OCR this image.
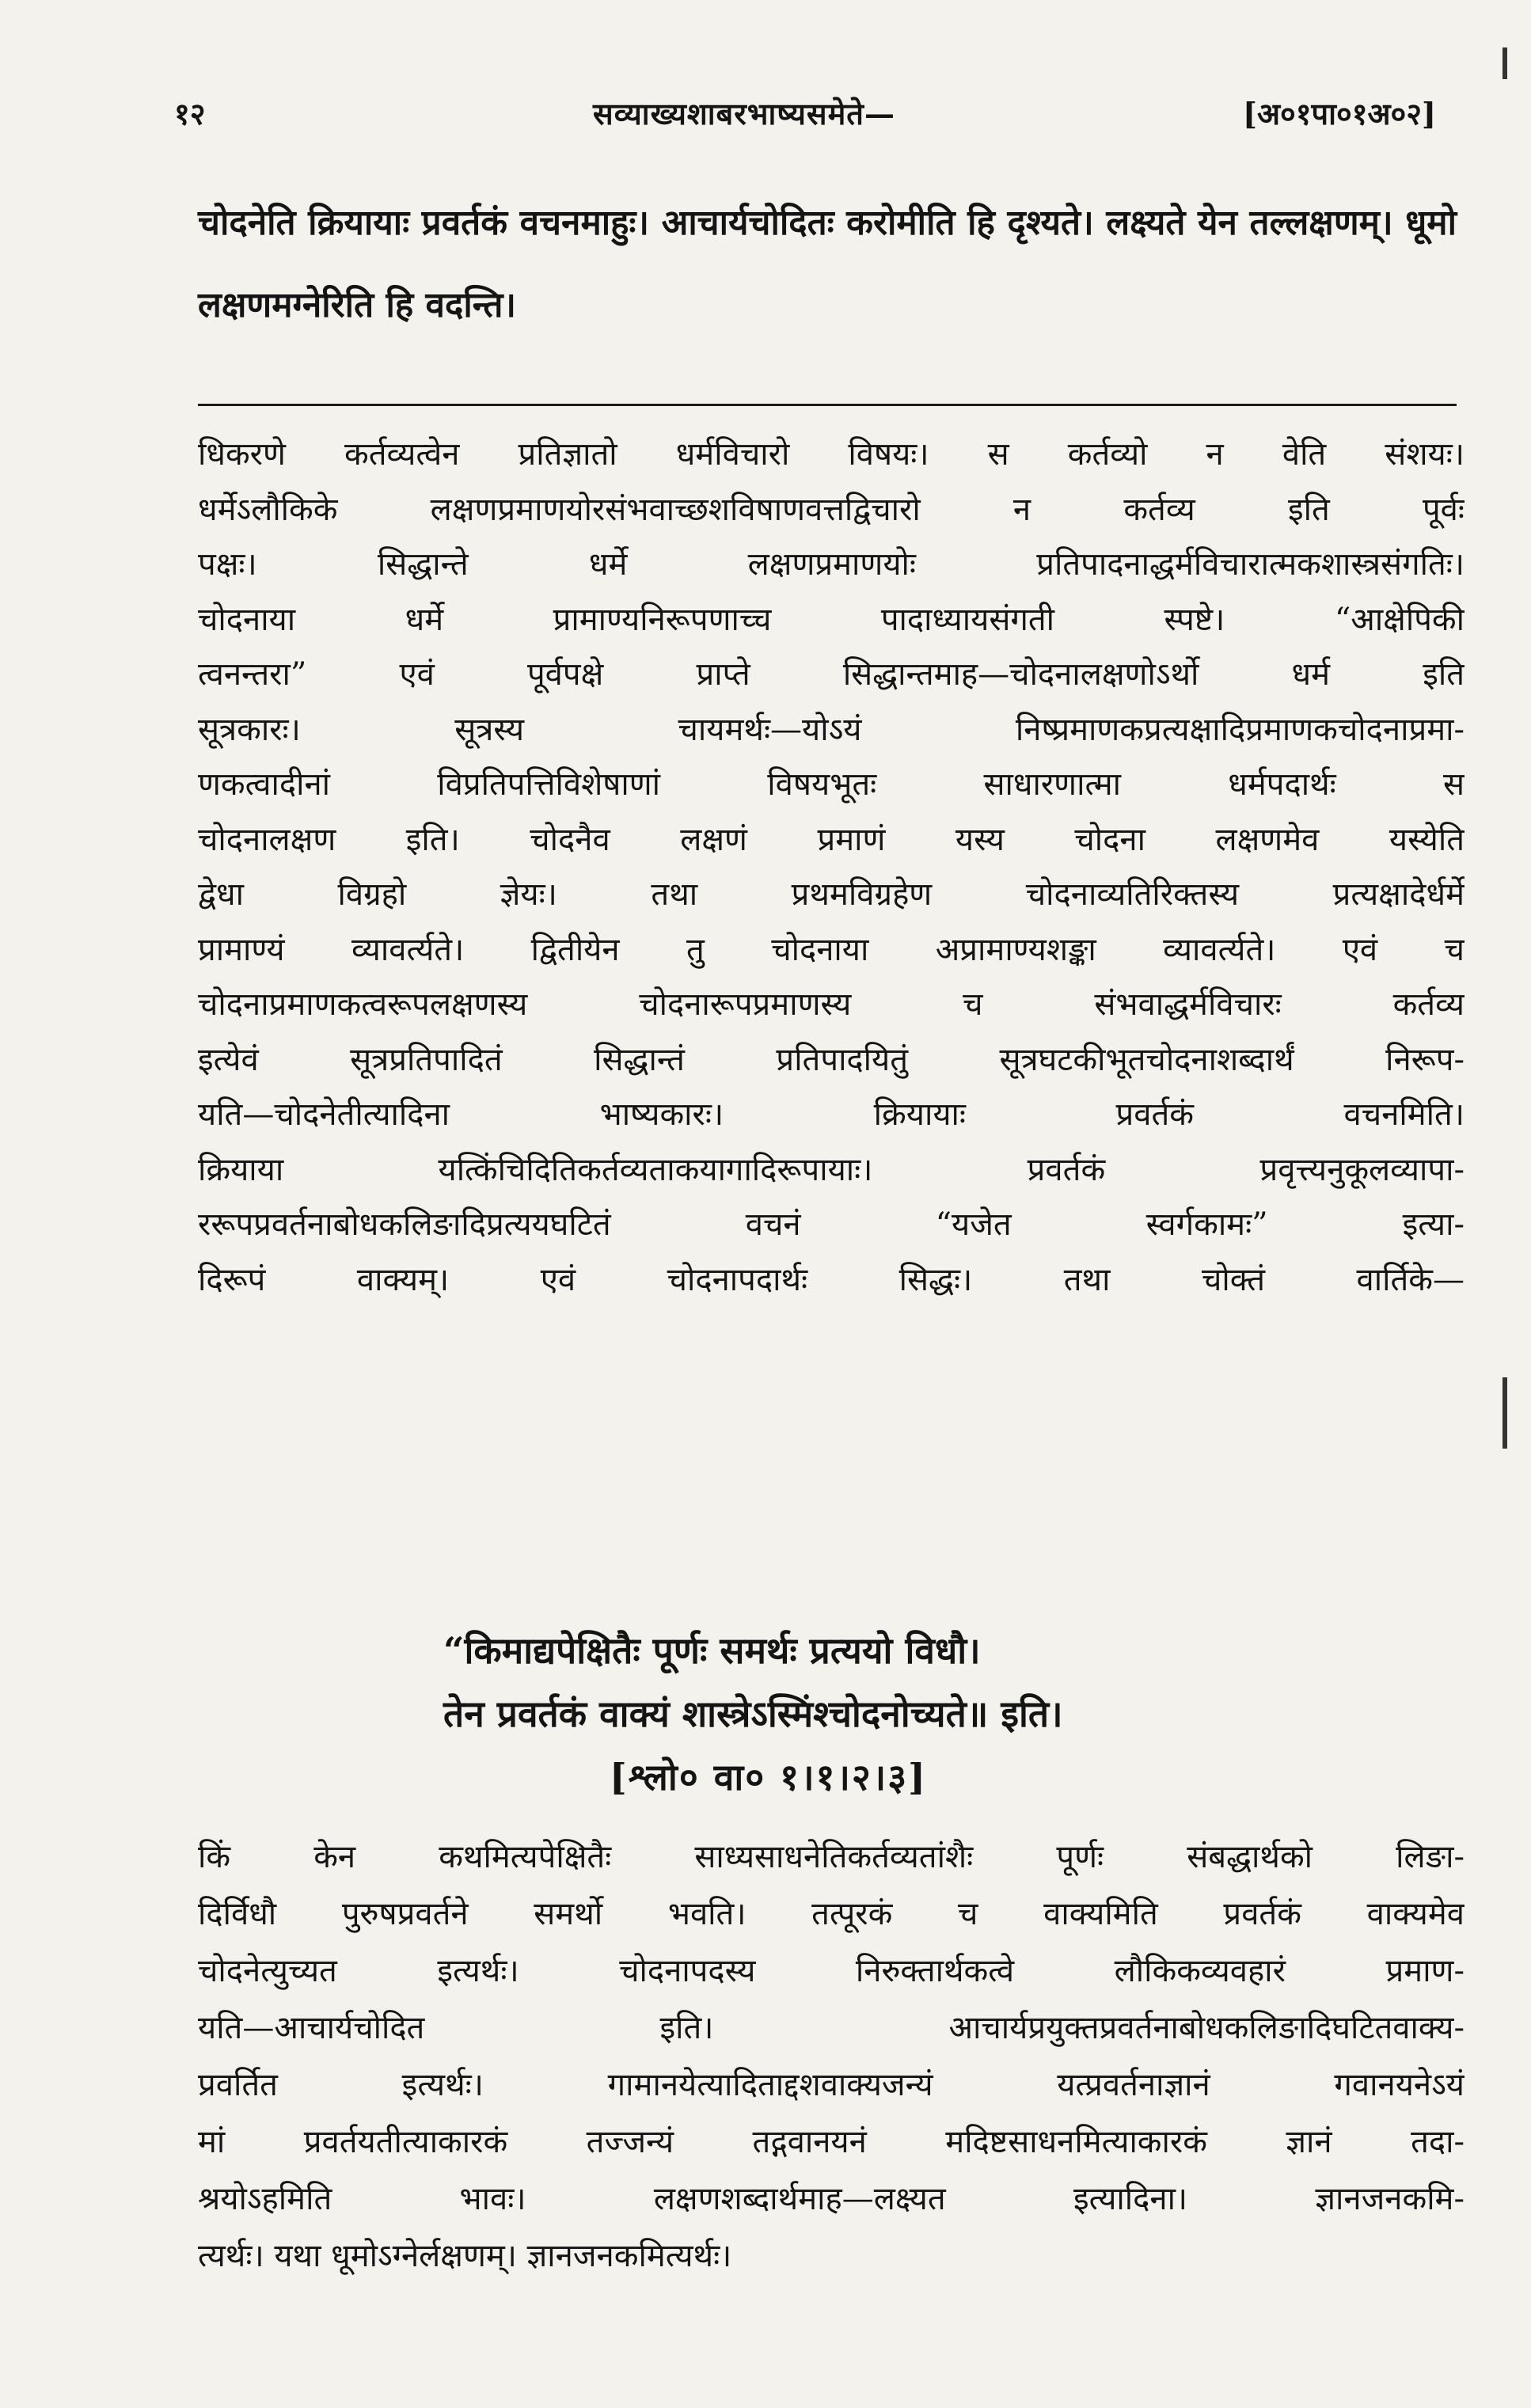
१२	सव्याख्यशाबरभाष्यसमेते—	[अ०१पा०१अ०२]
चोदनेति क्रियायाः प्रवर्तकं वचनमाहुः। आचार्यचोदितः करोमीति हि दृश्यते। लक्ष्यते येन तल्लक्षणम्। धूमो लक्षणमग्नेरिति हि वदन्ति।
धिकरणे कर्तव्यत्वेन प्रतिज्ञातो धर्मविचारो विषयः। स कर्तव्यो न वेति संशयः।
धर्मेऽलौकिके लक्षणप्रमाणयोरसंभवाच्छशविषाणवत्तद्विचारो न कर्तव्य इति पूर्वः
पक्षः। सिद्धान्ते धर्मे लक्षणप्रमाणयोः प्रतिपादनाद्धर्मविचारात्मकशास्त्रसंगतिः।
चोदनाया धर्मे प्रामाण्यनिरूपणाच्च पादाध्यायसंगती स्पष्टे। “आक्षेपिकी
त्वनन्तरा” एवं पूर्वपक्षे प्राप्ते सिद्धान्तमाह—चोदनालक्षणोऽर्थो धर्म इति
सूत्रकारः। सूत्रस्य चायमर्थः—योऽयं निष्प्रमाणकप्रत्यक्षादिप्रमाणकचोदनाप्रमा-
णकत्वादीनां विप्रतिपत्तिविशेषाणां विषयभूतः साधारणात्मा धर्मपदार्थः स
चोदनालक्षण इति। चोदनैव लक्षणं प्रमाणं यस्य चोदना लक्षणमेव यस्येति
द्वेधा विग्रहो ज्ञेयः। तथा प्रथमविग्रहेण चोदनाव्यतिरिक्तस्य प्रत्यक्षादेर्धर्मे
प्रामाण्यं व्यावर्त्यते। द्वितीयेन तु चोदनाया अप्रामाण्यशङ्का व्यावर्त्यते। एवं च
चोदनाप्रमाणकत्वरूपलक्षणस्य चोदनारूपप्रमाणस्य च संभवाद्धर्मविचारः कर्तव्य
इत्येवं सूत्रप्रतिपादितं सिद्धान्तं प्रतिपादयितुं सूत्रघटकीभूतचोदनाशब्दार्थं निरूप-
यति—चोदनेतीत्यादिना भाष्यकारः। क्रियायाः प्रवर्तकं वचनमिति।
क्रियाया यत्किंचिदितिकर्तव्यताकयागादिरूपायाः। प्रवर्तकं प्रवृत्त्यनुकूलव्यापा-
ररूपप्रवर्तनाबोधकलिङादिप्रत्ययघटितं वचनं “यजेत स्वर्गकामः” इत्या-
दिरूपं वाक्यम्। एवं चोदनापदार्थः सिद्धः। तथा चोक्तं वार्तिके—
“किमाद्यपेक्षितैः पूर्णः समर्थः प्रत्ययो विधौ।
तेन प्रवर्तकं वाक्यं शास्त्रेऽस्मिंश्चोदनोच्यते॥ इति।
[श्लो० वा० १।१।२।३]
किं केन कथमित्यपेक्षितैः साध्यसाधनेतिकर्तव्यतांशैः पूर्णः संबद्धार्थको लिङा-
दिर्विधौ पुरुषप्रवर्तने समर्थो भवति। तत्पूरकं च वाक्यमिति प्रवर्तकं वाक्यमेव
चोदनेत्युच्यत इत्यर्थः। चोदनापदस्य निरुक्तार्थकत्वे लौकिकव्यवहारं प्रमाण-
यति—आचार्यचोदित इति। आचार्यप्रयुक्तप्रवर्तनाबोधकलिङादिघटितवाक्य-
प्रवर्तित इत्यर्थः। गामानयेत्यादिताद्दशवाक्यजन्यं यत्प्रवर्तनाज्ञानं गवानयनेऽयं
मां प्रवर्तयतीत्याकारकं तज्जन्यं तद्गवानयनं मदिष्टसाधनमित्याकारकं ज्ञानं तदा-
श्रयोऽहमिति भावः। लक्षणशब्दार्थमाह—लक्ष्यत इत्यादिना। ज्ञानजनकमि-
त्यर्थः। यथा धूमोऽग्नेर्लक्षणम्। ज्ञानजनकमित्यर्थः।
